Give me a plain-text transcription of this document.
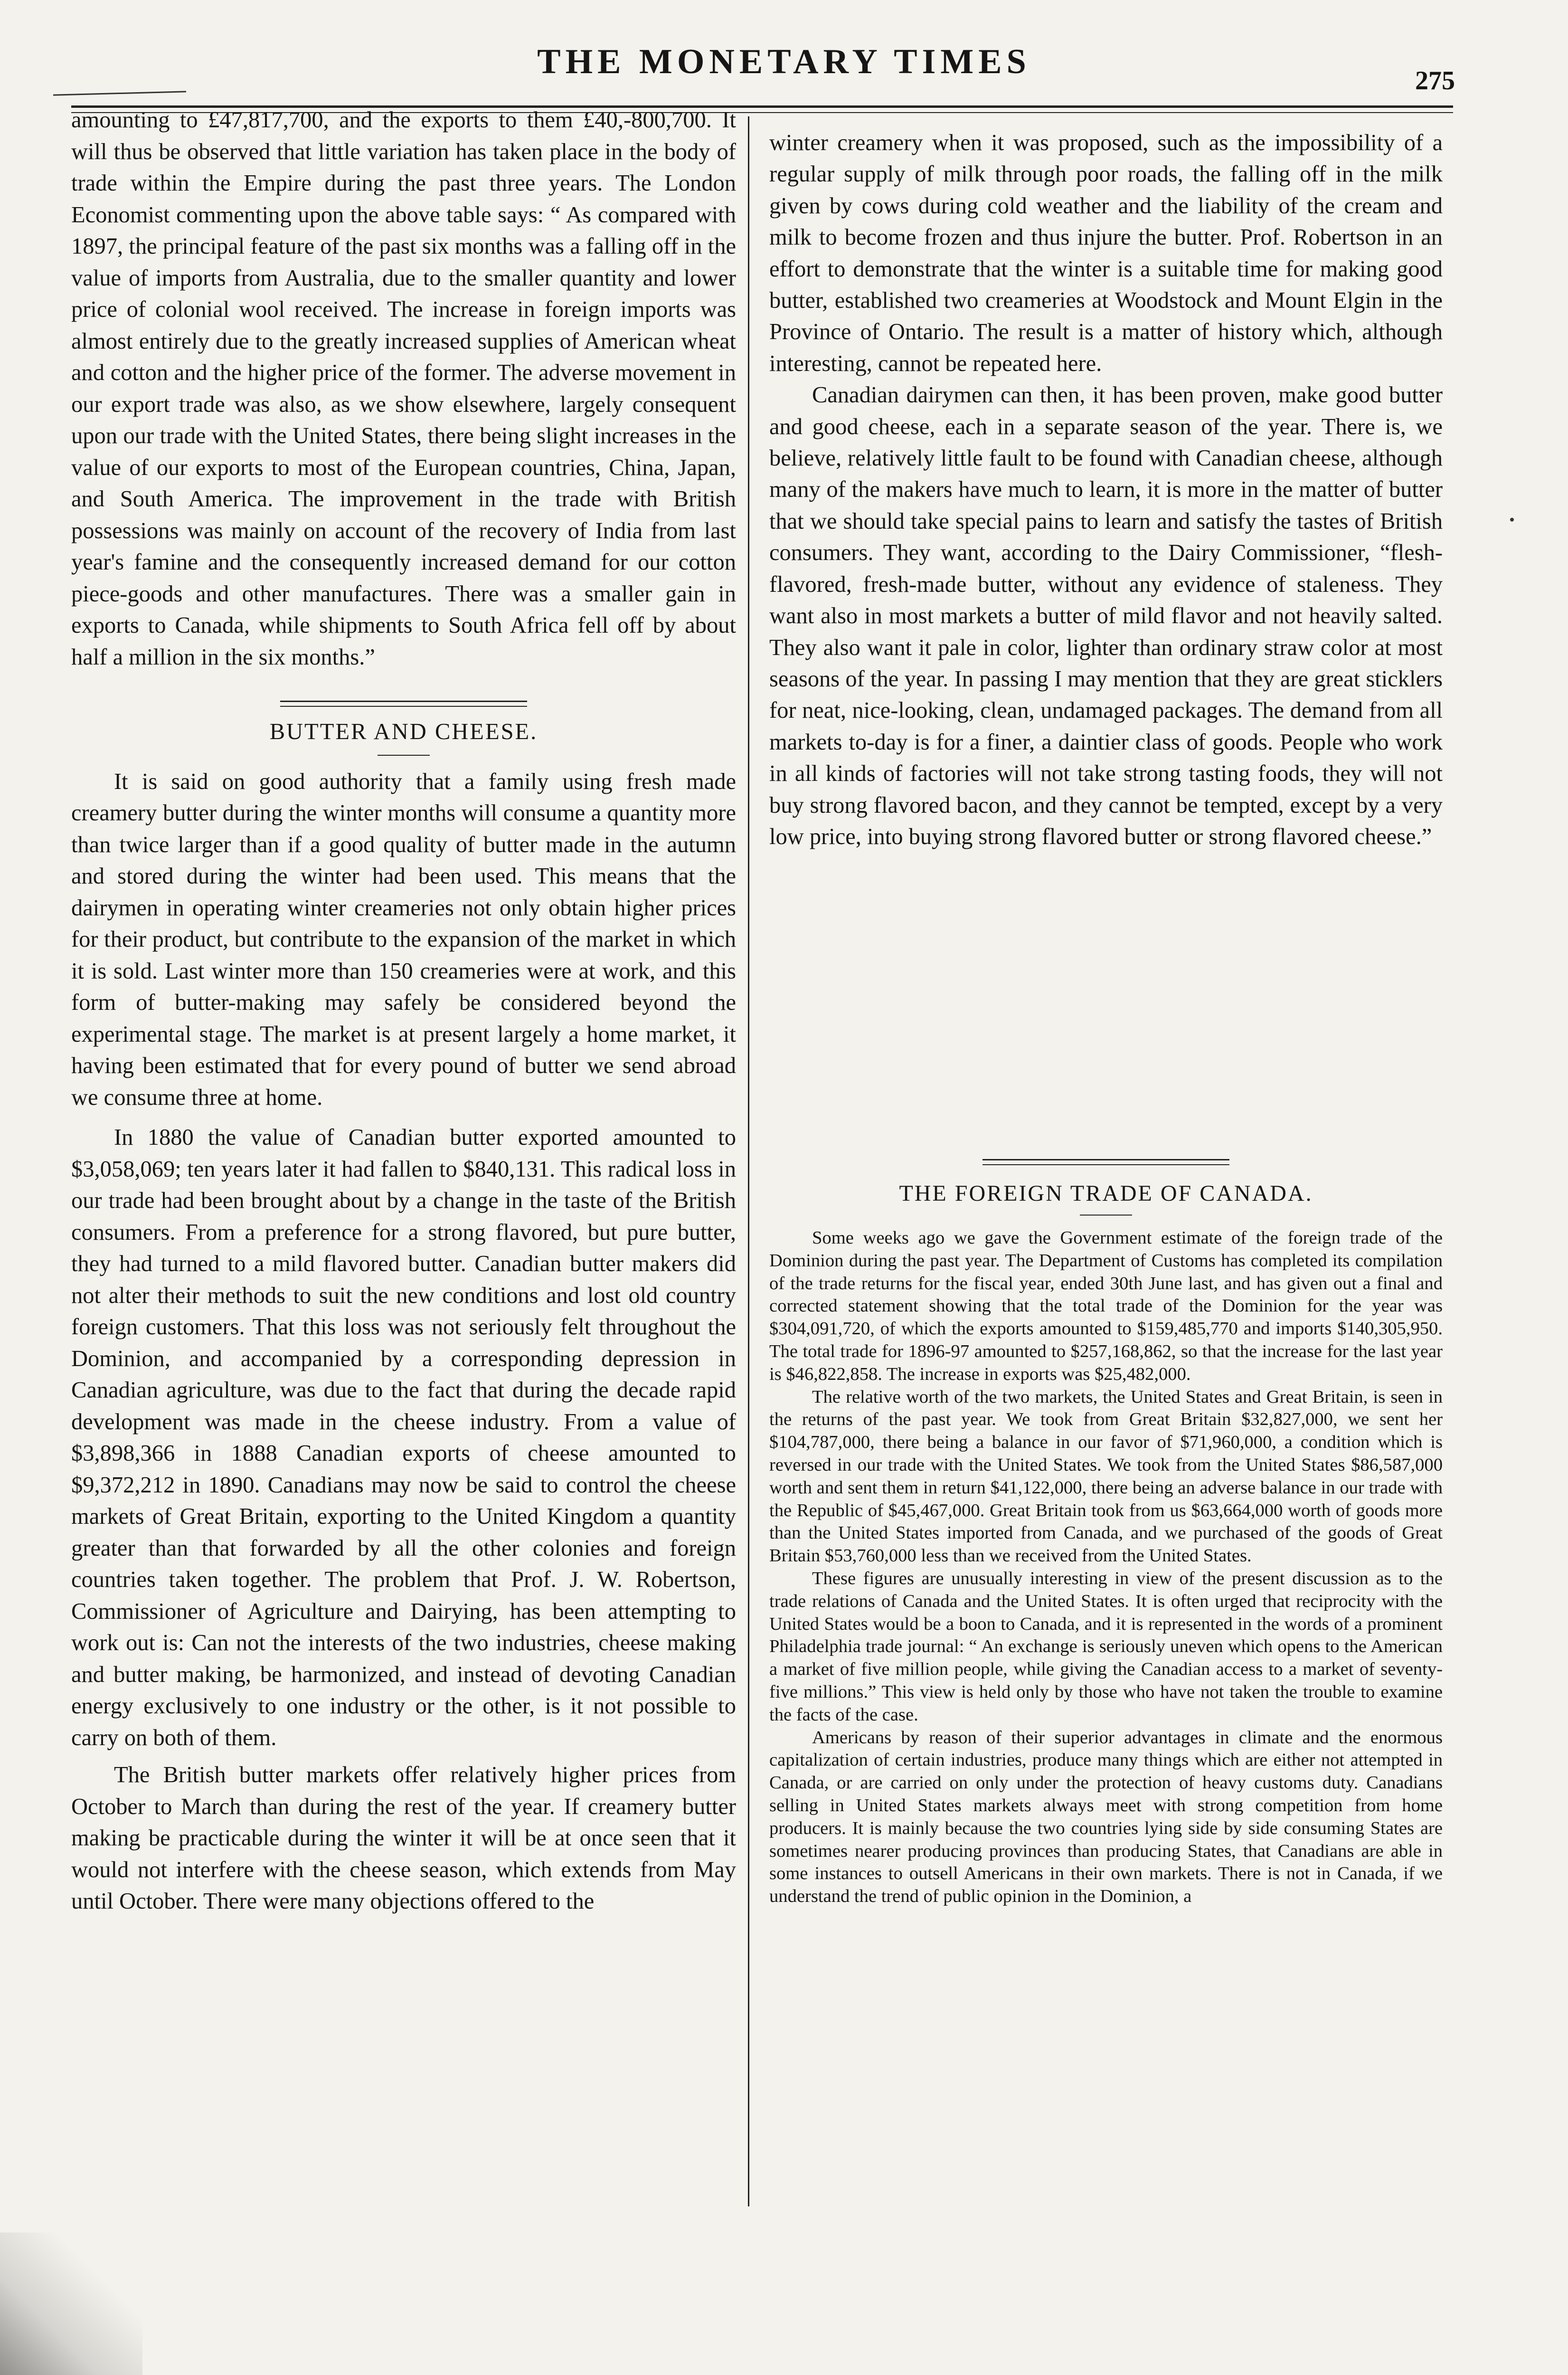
THE MONETARY TIMES	275

amounting to £47,817,700, and the exports to them £40,-800,700. It will thus be observed that little variation has taken place in the body of trade within the Empire during the past three years. The London Economist commenting upon the above table says: “ As compared with 1897, the principal feature of the past six months was a falling off in the value of imports from Australia, due to the smaller quantity and lower price of colonial wool received. The increase in foreign imports was almost entirely due to the greatly increased supplies of American wheat and cotton and the higher price of the former. The adverse movement in our export trade was also, as we show elsewhere, largely consequent upon our trade with the United States, there being slight increases in the value of our exports to most of the European countries, China, Japan, and South America. The improvement in the trade with British possessions was mainly on account of the recovery of India from last year's famine and the consequently increased demand for our cotton piece-goods and other manufactures. There was a smaller gain in exports to Canada, while shipments to South Africa fell off by about half a million in the six months.”

BUTTER AND CHEESE.

It is said on good authority that a family using fresh made creamery butter during the winter months will consume a quantity more than twice larger than if a good quality of butter made in the autumn and stored during the winter had been used. This means that the dairymen in operating winter creameries not only obtain higher prices for their product, but contribute to the expansion of the market in which it is sold. Last winter more than 150 creameries were at work, and this form of butter-making may safely be considered beyond the experimental stage. The market is at present largely a home market, it having been estimated that for every pound of butter we send abroad we consume three at home.

In 1880 the value of Canadian butter exported amounted to $3,058,069; ten years later it had fallen to $840,131. This radical loss in our trade had been brought about by a change in the taste of the British consumers. From a preference for a strong flavored, but pure butter, they had turned to a mild flavored butter. Canadian butter makers did not alter their methods to suit the new conditions and lost old country foreign customers. That this loss was not seriously felt throughout the Dominion, and accompanied by a corresponding depression in Canadian agriculture, was due to the fact that during the decade rapid development was made in the cheese industry. From a value of $3,898,366 in 1888 Canadian exports of cheese amounted to $9,372,212 in 1890. Canadians may now be said to control the cheese markets of Great Britain, exporting to the United Kingdom a quantity greater than that forwarded by all the other colonies and foreign countries taken together. The problem that Prof. J. W. Robertson, Commissioner of Agriculture and Dairying, has been attempting to work out is: Can not the interests of the two industries, cheese making and butter making, be harmonized, and instead of devoting Canadian energy exclusively to one industry or the other, is it not possible to carry on both of them.

The British butter markets offer relatively higher prices from October to March than during the rest of the year. If creamery butter making be practicable during the winter it will be at once seen that it would not interfere with the cheese season, which extends from May until October. There were many objections offered to the

winter creamery when it was proposed, such as the impossibility of a regular supply of milk through poor roads, the falling off in the milk given by cows during cold weather and the liability of the cream and milk to become frozen and thus injure the butter. Prof. Robertson in an effort to demonstrate that the winter is a suitable time for making good butter, established two creameries at Woodstock and Mount Elgin in the Province of Ontario. The result is a matter of history which, although interesting, cannot be repeated here.

Canadian dairymen can then, it has been proven, make good butter and good cheese, each in a separate season of the year. There is, we believe, relatively little fault to be found with Canadian cheese, although many of the makers have much to learn, it is more in the matter of butter that we should take special pains to learn and satisfy the tastes of British consumers. They want, according to the Dairy Commissioner, “flesh-flavored, fresh-made butter, without any evidence of staleness. They want also in most markets a butter of mild flavor and not heavily salted. They also want it pale in color, lighter than ordinary straw color at most seasons of the year. In passing I may mention that they are great sticklers for neat, nice-looking, clean, undamaged packages. The demand from all markets to-day is for a finer, a daintier class of goods. People who work in all kinds of factories will not take strong tasting foods, they will not buy strong flavored bacon, and they cannot be tempted, except by a very low price, into buying strong flavored butter or strong flavored cheese.”

THE FOREIGN TRADE OF CANADA.

Some weeks ago we gave the Government estimate of the foreign trade of the Dominion during the past year. The Department of Customs has completed its compilation of the trade returns for the fiscal year, ended 30th June last, and has given out a final and corrected statement showing that the total trade of the Dominion for the year was $304,091,720, of which the exports amounted to $159,485,770 and imports $140,305,950. The total trade for 1896-97 amounted to $257,168,862, so that the increase for the last year is $46,822,858. The increase in exports was $25,482,000.

The relative worth of the two markets, the United States and Great Britain, is seen in the returns of the past year. We took from Great Britain $32,827,000, we sent her $104,787,000, there being a balance in our favor of $71,960,000, a condition which is reversed in our trade with the United States. We took from the United States $86,587,000 worth and sent them in return $41,122,000, there being an adverse balance in our trade with the Republic of $45,467,000. Great Britain took from us $63,664,000 worth of goods more than the United States imported from Canada, and we purchased of the goods of Great Britain $53,760,000 less than we received from the United States.

These figures are unusually interesting in view of the present discussion as to the trade relations of Canada and the United States. It is often urged that reciprocity with the United States would be a boon to Canada, and it is represented in the words of a prominent Philadelphia trade journal: “ An exchange is seriously uneven which opens to the American a market of five million people, while giving the Canadian access to a market of seventy-five millions.” This view is held only by those who have not taken the trouble to examine the facts of the case.

Americans by reason of their superior advantages in climate and the enormous capitalization of certain industries, produce many things which are either not attempted in Canada, or are carried on only under the protection of heavy customs duty. Canadians selling in United States markets always meet with strong competition from home producers. It is mainly because the two countries lying side by side consuming States are sometimes nearer producing provinces than producing States, that Canadians are able in some instances to outsell Americans in their own markets. There is not in Canada, if we understand the trend of public opinion in the Dominion, a
